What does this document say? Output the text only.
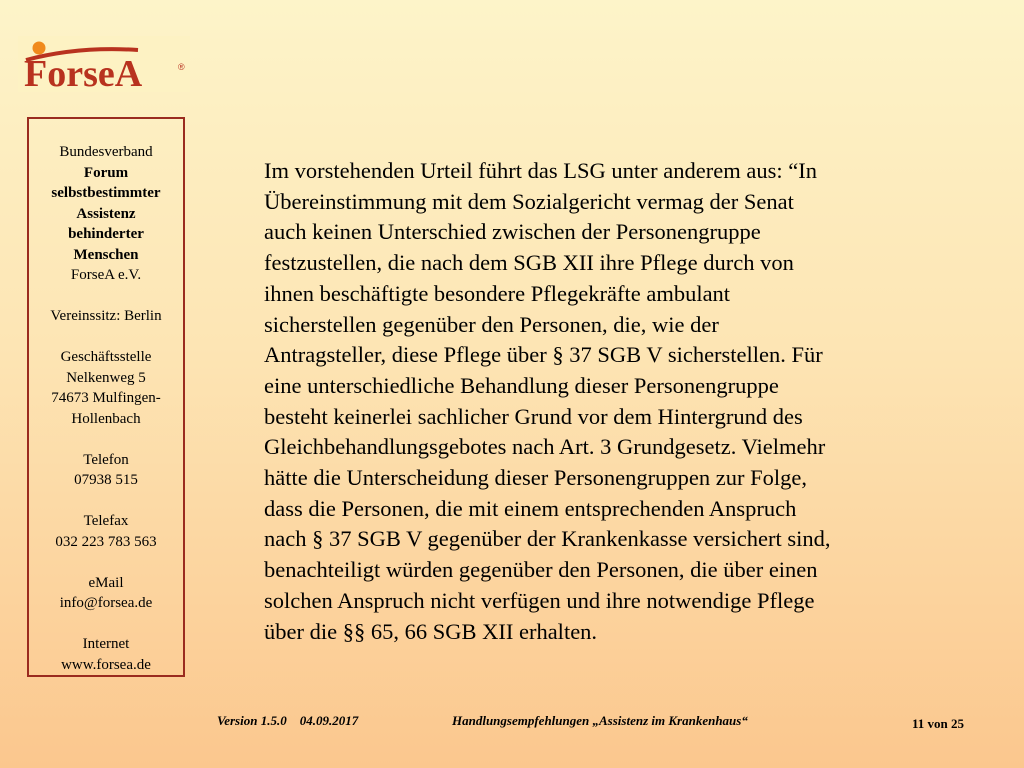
ForseA	®
Bundesverband
Forum
selbstbestimmter
Assistenz
behinderter
Menschen
ForseA e.V.
Vereinssitz: Berlin
Geschäftsstelle
Nelkenweg 5
74673 Mulfingen-
Hollenbach
Telefon
07938 515
Telefax
032 223 783 563
eMail
info@forsea.de
Internet
www.forsea.de
Im vorstehenden Urteil führt das LSG unter anderem aus: “In
Übereinstimmung mit dem Sozialgericht vermag der Senat
auch keinen Unterschied zwischen der Personengruppe
festzustellen, die nach dem SGB XII ihre Pflege durch von
ihnen beschäftigte besondere Pflegekräfte ambulant
sicherstellen gegenüber den Personen, die, wie der
Antragsteller, diese Pflege über § 37 SGB V sicherstellen. Für
eine unterschiedliche Behandlung dieser Personengruppe
besteht keinerlei sachlicher Grund vor dem Hintergrund des
Gleichbehandlungsgebotes nach Art. 3 Grundgesetz. Vielmehr
hätte die Unterscheidung dieser Personengruppen zur Folge,
dass die Personen, die mit einem entsprechenden Anspruch
nach § 37 SGB V gegenüber der Krankenkasse versichert sind,
benachteiligt würden gegenüber den Personen, die über einen
solchen Anspruch nicht verfügen und ihre notwendige Pflege
über die §§ 65, 66 SGB XII erhalten.
Version 1.5.0    04.09.2017	Handlungsempfehlungen „Assistenz im Krankenhaus“	11 von 25
